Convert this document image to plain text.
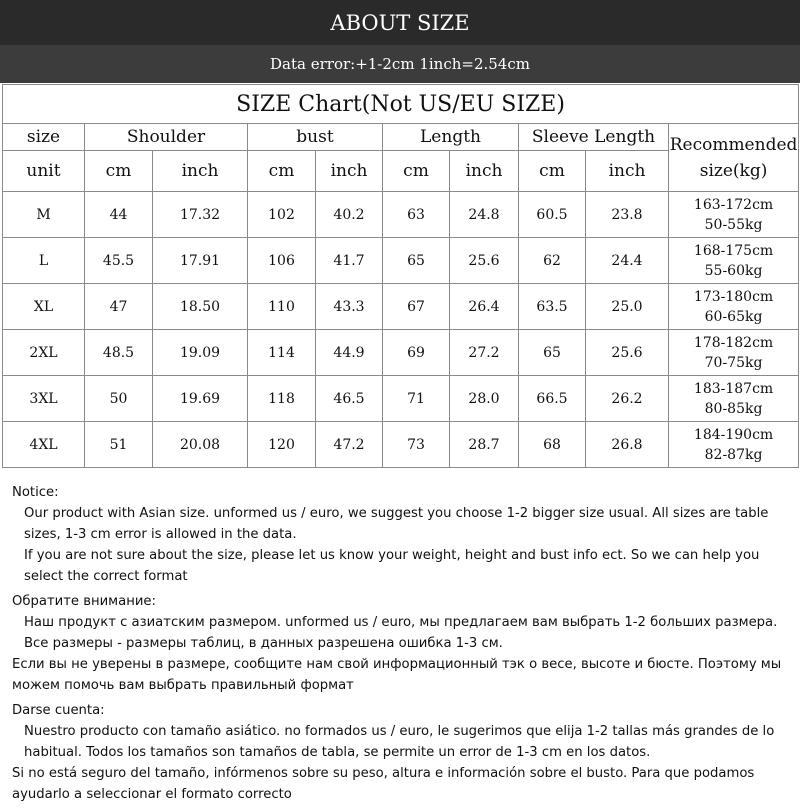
ABOUT SIZE
Data error:+1-2cm 1inch=2.54cm
SIZE Chart(Not US/EU SIZE)									
size	Shoulder		bust		Length		Sleeve Length		Recommended
size(kg)

unit	cm	inch	cm	inch	cm	inch	cm	inch	
M	44	17.32	102	40.2	63	24.8	60.5	23.8	163-172cm
50-55kg

L	45.5	17.91	106	41.7	65	25.6	62	24.4	168-175cm
55-60kg

XL	47	18.50	110	43.3	67	26.4	63.5	25.0	173-180cm
60-65kg

2XL	48.5	19.09	114	44.9	69	27.2	65	25.6	178-182cm
70-75kg

3XL	50	19.69	118	46.5	71	28.0	66.5	26.2	183-187cm
80-85kg

4XL	51	20.08	120	47.2	73	28.7	68	26.8	184-190cm
82-87kg

Notice:

Our product with Asian size. unformed us / euro, we suggest you choose 1-2 bigger size usual. All sizes are table sizes, 1-3 cm error is allowed in the data.

If you are not sure about the size, please let us know your weight, height and bust info ect. So we can help you select the correct format

Обратите внимание:

Наш продукт с азиатским размером. unformed us / euro, мы предлагаем вам выбрать 1-2 больших размера. Все размеры - размеры таблиц, в данных разрешена ошибка 1-3 см.

Если вы не уверены в размере, сообщите нам свой информационный тэк о весе, высоте и бюсте. Поэтому мы можем помочь вам выбрать правильный формат

Darse cuenta:

Nuestro producto con tamaño asiático. no formados us / euro, le sugerimos que elija 1-2 tallas más grandes de lo habitual. Todos los tamaños son tamaños de tabla, se permite un error de 1-3 cm en los datos.

Si no está seguro del tamaño, infórmenos sobre su peso, altura e información sobre el busto. Para que podamos ayudarlo a seleccionar el formato correcto
